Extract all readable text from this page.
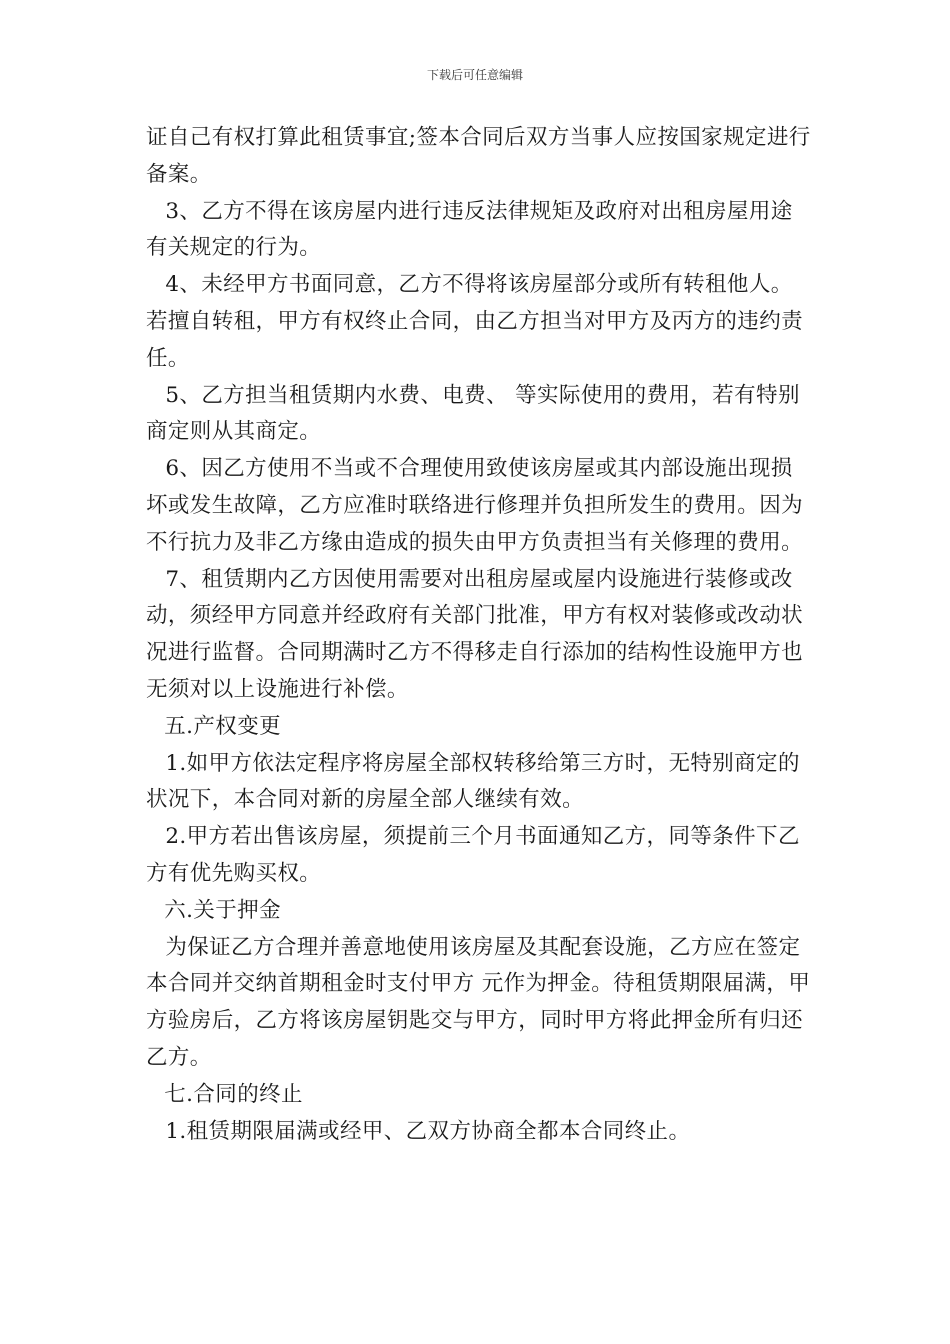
下载后可任意编辑

证自己有权打算此租赁事宜;签本合同后双方当事人应按国家规定进行备案。

3、乙方不得在该房屋内进行违反法律规矩及政府对出租房屋用途有关规定的行为。

4、未经甲方书面同意，乙方不得将该房屋部分或所有转租他人。若擅自转租，甲方有权终止合同，由乙方担当对甲方及丙方的违约责任。

5、乙方担当租赁期内水费、电费、 等实际使用的费用，若有特别商定则从其商定。

6、因乙方使用不当或不合理使用致使该房屋或其内部设施出现损坏或发生故障，乙方应准时联络进行修理并负担所发生的费用。因为不行抗力及非乙方缘由造成的损失由甲方负责担当有关修理的费用。

7、租赁期内乙方因使用需要对出租房屋或屋内设施进行装修或改动，须经甲方同意并经政府有关部门批准，甲方有权对装修或改动状况进行监督。合同期满时乙方不得移走自行添加的结构性设施甲方也无须对以上设施进行补偿。

五.产权变更

1.如甲方依法定程序将房屋全部权转移给第三方时，无特别商定的状况下，本合同对新的房屋全部人继续有效。

2.甲方若出售该房屋，须提前三个月书面通知乙方，同等条件下乙方有优先购买权。

六.关于押金

为保证乙方合理并善意地使用该房屋及其配套设施，乙方应在签定本合同并交纳首期租金时支付甲方 元作为押金。待租赁期限届满，甲方验房后，乙方将该房屋钥匙交与甲方，同时甲方将此押金所有归还乙方。

七.合同的终止

1.租赁期限届满或经甲、乙双方协商全都本合同终止。
